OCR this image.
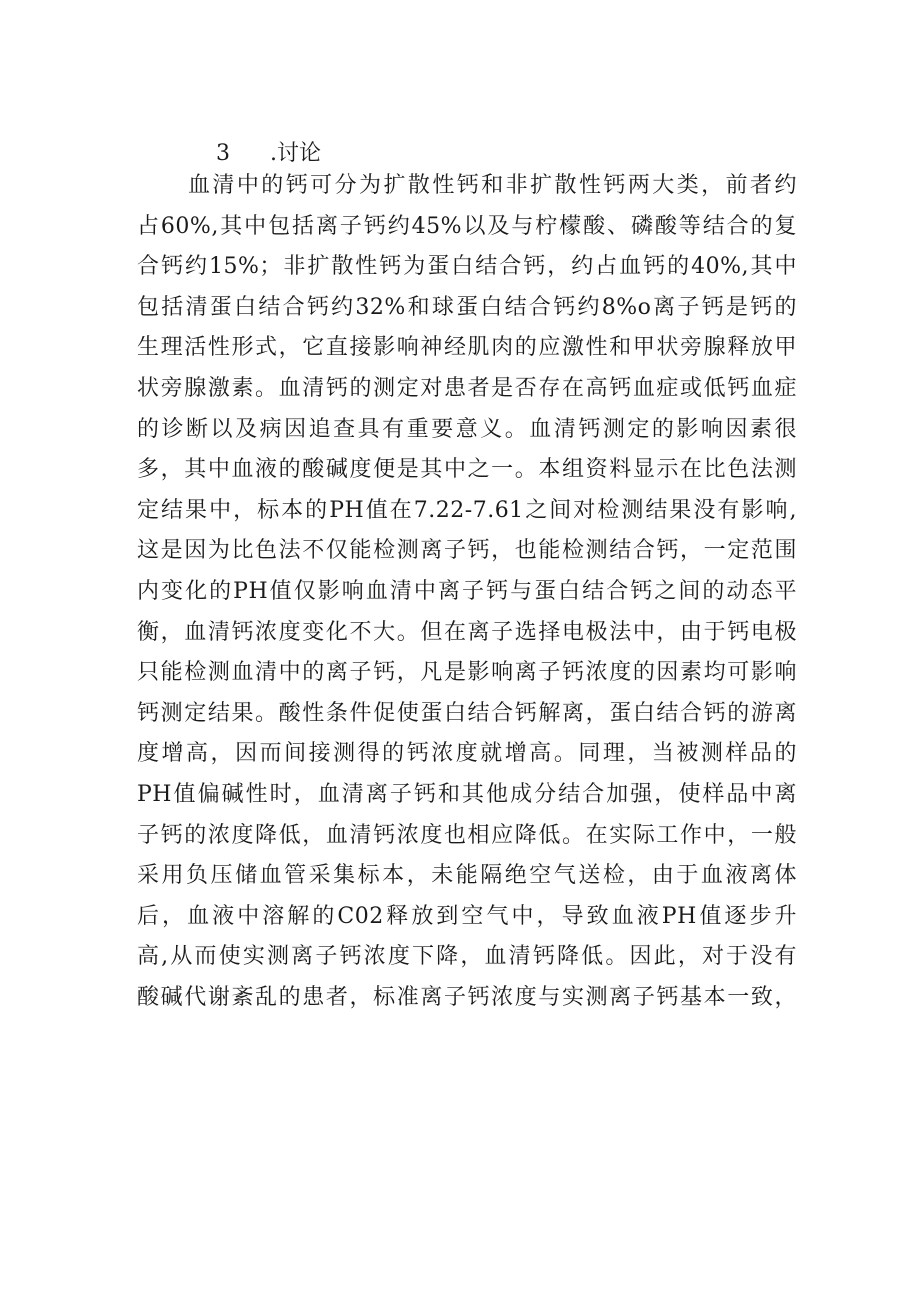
3 .讨论

血清中的钙可分为扩散性钙和非扩散性钙两大类，前者约
占60%,其中包括离子钙约45%以及与柠檬酸、磷酸等结合的复
合钙约15%；非扩散性钙为蛋白结合钙，约占血钙的40%,其中
包括清蛋白结合钙约32%和球蛋白结合钙约8%o离子钙是钙的
生理活性形式，它直接影响神经肌肉的应激性和甲状旁腺释放甲
状旁腺激素。血清钙的测定对患者是否存在高钙血症或低钙血症
的诊断以及病因追查具有重要意义。血清钙测定的影响因素很
多，其中血液的酸碱度便是其中之一。本组资料显示在比色法测
定结果中，标本的PH值在7.22-7.61之间对检测结果没有影响,
这是因为比色法不仅能检测离子钙，也能检测结合钙，一定范围
内变化的PH值仅影响血清中离子钙与蛋白结合钙之间的动态平
衡，血清钙浓度变化不大。但在离子选择电极法中，由于钙电极
只能检测血清中的离子钙，凡是影响离子钙浓度的因素均可影响
钙测定结果。酸性条件促使蛋白结合钙解离，蛋白结合钙的游离
度增高，因而间接测得的钙浓度就增高。同理，当被测样品的
PH值偏碱性时，血清离子钙和其他成分结合加强，使样品中离
子钙的浓度降低，血清钙浓度也相应降低。在实际工作中，一般
采用负压储血管采集标本，未能隔绝空气送检，由于血液离体
后，血液中溶解的C02释放到空气中，导致血液PH值逐步升
高,从而使实测离子钙浓度下降，血清钙降低。因此，对于没有
酸碱代谢紊乱的患者，标准离子钙浓度与实测离子钙基本一致，
